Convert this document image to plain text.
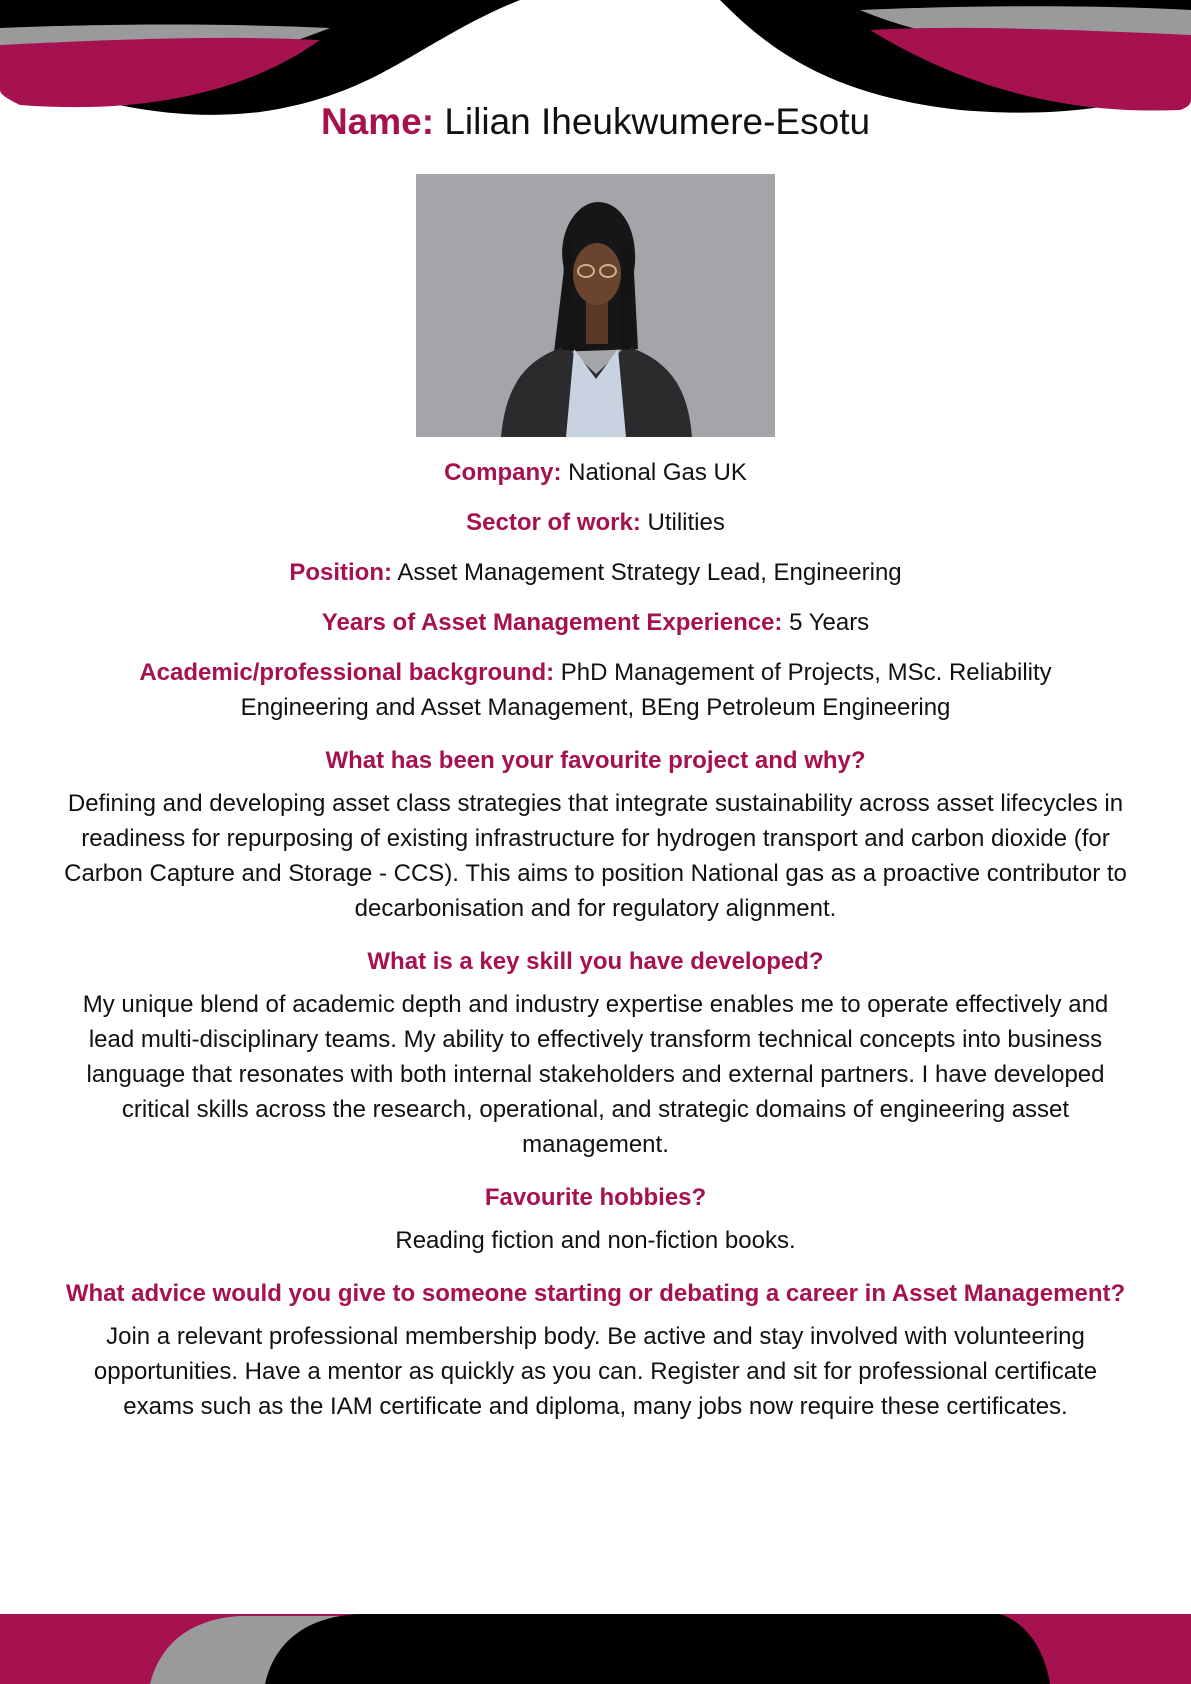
Name: Lilian Iheukwumere-Esotu

Company: National Gas UK

Sector of work: Utilities

Position: Asset Management Strategy Lead, Engineering

Years of Asset Management Experience: 5 Years

Academic/professional background: PhD Management of Projects, MSc. Reliability Engineering and Asset Management, BEng Petroleum Engineering

What has been your favourite project and why?

Defining and developing asset class strategies that integrate sustainability across asset lifecycles in readiness for repurposing of existing infrastructure for hydrogen transport and carbon dioxide (for Carbon Capture and Storage - CCS). This aims to position National gas as a proactive contributor to decarbonisation and for regulatory alignment.

What is a key skill you have developed?

My unique blend of academic depth and industry expertise enables me to operate effectively and lead multi-disciplinary teams. My ability to effectively transform technical concepts into business language that resonates with both internal stakeholders and external partners. I have developed critical skills across the research, operational, and strategic domains of engineering asset management.

Favourite hobbies?

Reading fiction and non-fiction books.

What advice would you give to someone starting or debating a career in Asset Management?

Join a relevant professional membership body. Be active and stay involved with volunteering opportunities. Have a mentor as quickly as you can. Register and sit for professional certificate exams such as the IAM certificate and diploma, many jobs now require these certificates.
